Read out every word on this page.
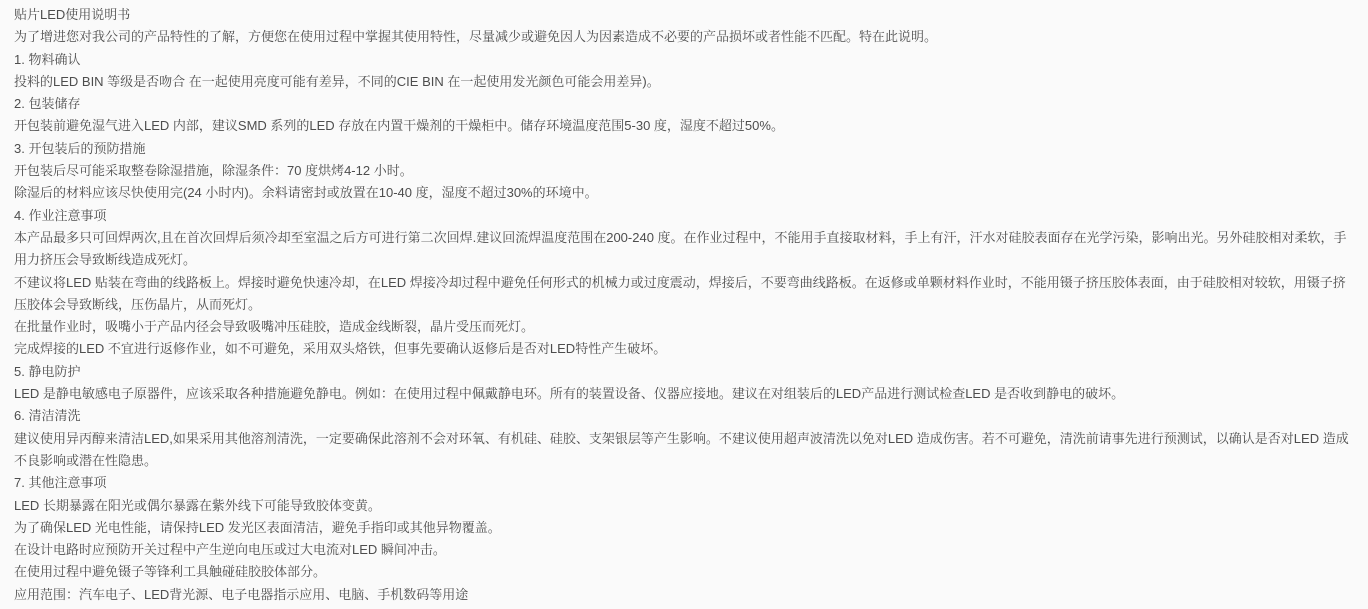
贴片LED使用说明书
为了增进您对我公司的产品特性的了解，方便您在使用过程中掌握其使用特性，尽量减少或避免因人为因素造成不必要的产品损坏或者性能不匹配。特在此说明。
1. 物料确认
投料的LED BIN 等级是否吻合 在一起使用亮度可能有差异，不同的CIE BIN 在一起使用发光颜色可能会用差异)。
2. 包装储存
开包装前避免湿气进入LED 内部，建议SMD 系列的LED 存放在内置干燥剂的干燥柜中。储存环境温度范围5-30 度，湿度不超过50%。
3. 开包装后的预防措施
开包装后尽可能采取整卷除湿措施，除湿条件：70 度烘烤4-12 小时。
除湿后的材料应该尽快使用完(24 小时内)。余料请密封或放置在10-40 度，湿度不超过30%的环境中。
4. 作业注意事项
本产品最多只可回焊两次,且在首次回焊后须冷却至室温之后方可进行第二次回焊.建议回流焊温度范围在200-240 度。在作业过程中，不能用手直接取材料，手上有汗，汗水对硅胶表面存在光学污染，影响出光。另外硅胶相对柔软，手用力挤压会导致断线造成死灯。
不建议将LED 贴装在弯曲的线路板上。焊接时避免快速冷却，在LED 焊接冷却过程中避免任何形式的机械力或过度震动，焊接后，不要弯曲线路板。在返修或单颗材料作业时，不能用镊子挤压胶体表面，由于硅胶相对较软，用镊子挤压胶体会导致断线，压伤晶片，从而死灯。
在批量作业时，吸嘴小于产品内径会导致吸嘴冲压硅胶，造成金线断裂，晶片受压而死灯。
完成焊接的LED 不宜进行返修作业，如不可避免，采用双头烙铁，但事先要确认返修后是否对LED特性产生破坏。
5. 静电防护
LED 是静电敏感电子原器件，应该采取各种措施避免静电。例如：在使用过程中佩戴静电环。所有的装置设备、仪器应接地。建议在对组装后的LED产品进行测试检查LED 是否收到静电的破坏。
6. 清洁清洗
建议使用异丙醇来清洁LED,如果采用其他溶剂清洗，一定要确保此溶剂不会对环氧、有机硅、硅胶、支架银层等产生影响。不建议使用超声波清洗以免对LED 造成伤害。若不可避免，清洗前请事先进行预测试，以确认是否对LED 造成不良影响或潜在性隐患。
7. 其他注意事项
LED 长期暴露在阳光或偶尔暴露在紫外线下可能导致胶体变黄。
为了确保LED 光电性能，请保持LED 发光区表面清洁，避免手指印或其他异物覆盖。
在设计电路时应预防开关过程中产生逆向电压或过大电流对LED 瞬间冲击。
在使用过程中避免镊子等锋利工具触碰硅胶胶体部分。
应用范围：汽车电子、LED背光源、电子电器指示应用、电脑、手机数码等用途
